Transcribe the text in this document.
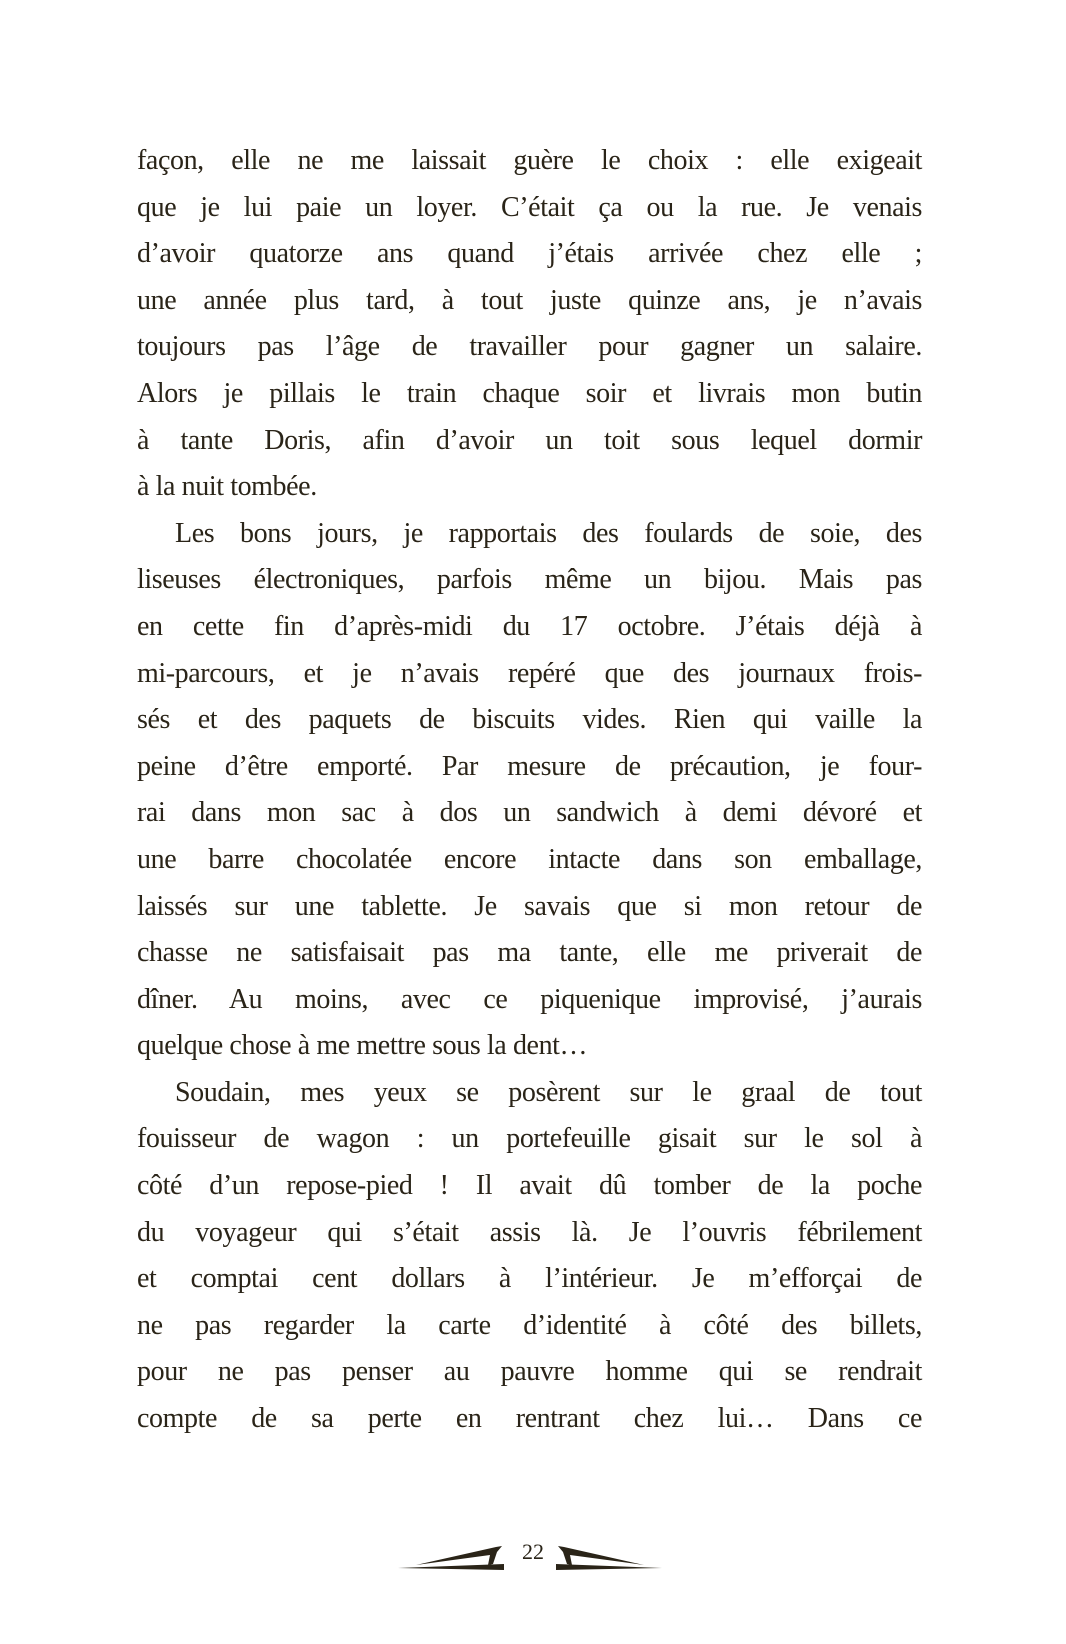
façon, elle ne me laissait guère le choix : elle exigeait
que je lui paie un loyer. C’était ça ou la rue. Je venais
d’avoir quatorze ans quand j’étais arrivée chez elle ;
une année plus tard, à tout juste quinze ans, je n’avais
toujours pas l’âge de travailler pour gagner un salaire.
Alors je pillais le train chaque soir et livrais mon butin
à tante Doris, afin d’avoir un toit sous lequel dormir
à la nuit tombée.
Les bons jours, je rapportais des foulards de soie, des
liseuses électroniques, parfois même un bijou. Mais pas
en cette fin d’après-midi du 17 octobre. J’étais déjà à
mi-parcours, et je n’avais repéré que des journaux frois-
sés et des paquets de biscuits vides. Rien qui vaille la
peine d’être emporté. Par mesure de précaution, je four-
rai dans mon sac à dos un sandwich à demi dévoré et
une barre chocolatée encore intacte dans son emballage,
laissés sur une tablette. Je savais que si mon retour de
chasse ne satisfaisait pas ma tante, elle me priverait de
dîner. Au moins, avec ce piquenique improvisé, j’aurais
quelque chose à me mettre sous la dent…
Soudain, mes yeux se posèrent sur le graal de tout
fouisseur de wagon : un portefeuille gisait sur le sol à
côté d’un repose-pied ! Il avait dû tomber de la poche
du voyageur qui s’était assis là. Je l’ouvris fébrilement
et comptai cent dollars à l’intérieur. Je m’efforçai de
ne pas regarder la carte d’identité à côté des billets,
pour ne pas penser au pauvre homme qui se rendrait
compte de sa perte en rentrant chez lui… Dans ce
22
